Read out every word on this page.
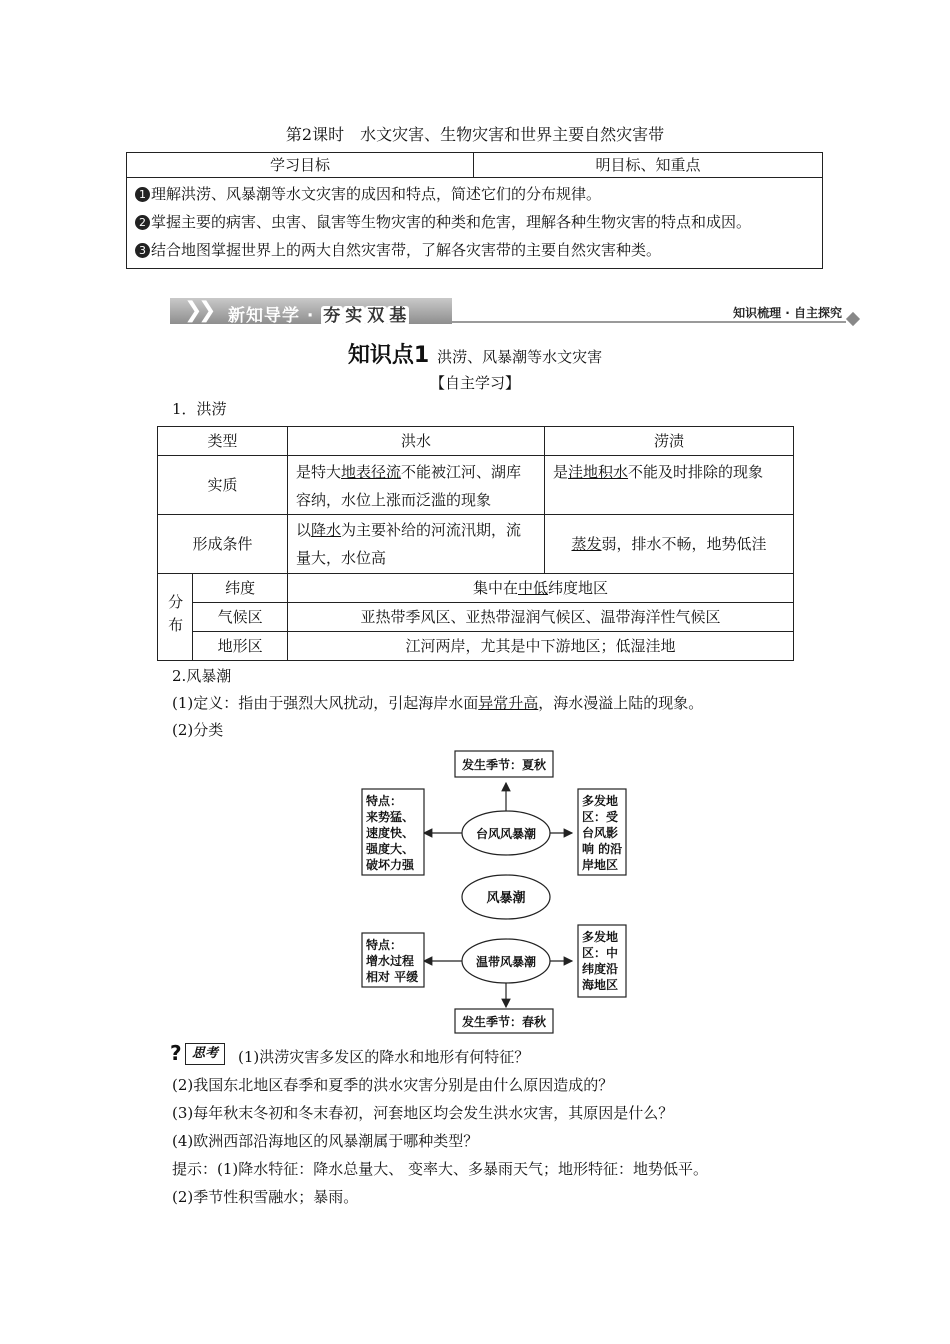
第2课时　水文灾害、生物灾害和世界主要自然灾害带
学习目标	明目标、知重点

1 理解洪涝、风暴潮等水文灾害的成因和特点，简述它们的分布规律。
2 掌握主要的病害、虫害、鼠害等生物灾害的种类和危害，理解各种生物灾害的特点和成因。
3 结合地图掌握世界上的两大自然灾害带，了解各灾害带的主要自然灾害种类。
❯
❯ 新知导学 · 夯 实 双 基	知识梳理 · 自主探究
知识点1 洪涝、风暴潮等水文灾害
【自主学习】
1．洪涝
类型		洪水	涝渍
实质		是特大地表径流不能被江河、湖库容纳，水位上涨而泛滥的现象	是洼地积水不能及时排除的现象
形成条件		以降水为主要补给的河流汛期，流量大，水位高	蒸发弱，排水不畅，地势低洼
分布	纬度	集中在中低纬度地区	
	气候区	亚热带季风区、亚热带湿润气候区、温带海洋性气候区	
	地形区	江河两岸，尤其是中下游地区；低湿洼地	
2.风暴潮
(1)定义：指由于强烈大风扰动，引起海岸水面异常升高，海水漫溢上陆的现象。
(2)分类
发生季节：夏秋
台风风暴潮
风暴潮
温带风暴潮
发生季节：春秋
特点：
来势猛、
速度快、
强度大、
破坏力强
多发地
区：受
台风影
响 的沿
岸地区
特点：
增水过程
相对 平缓
多发地
区：中
纬度沿
海地区
? 思考	(1)洪涝灾害多发区的降水和地形有何特征？
(2)我国东北地区春季和夏季的洪水灾害分别是由什么原因造成的？
(3)每年秋末冬初和冬末春初，河套地区均会发生洪水灾害，其原因是什么？
(4)欧洲西部沿海地区的风暴潮属于哪种类型？
提示：(1)降水特征：降水总量大、 变率大、多暴雨天气；地形特征：地势低平。
(2)季节性积雪融水；暴雨。
